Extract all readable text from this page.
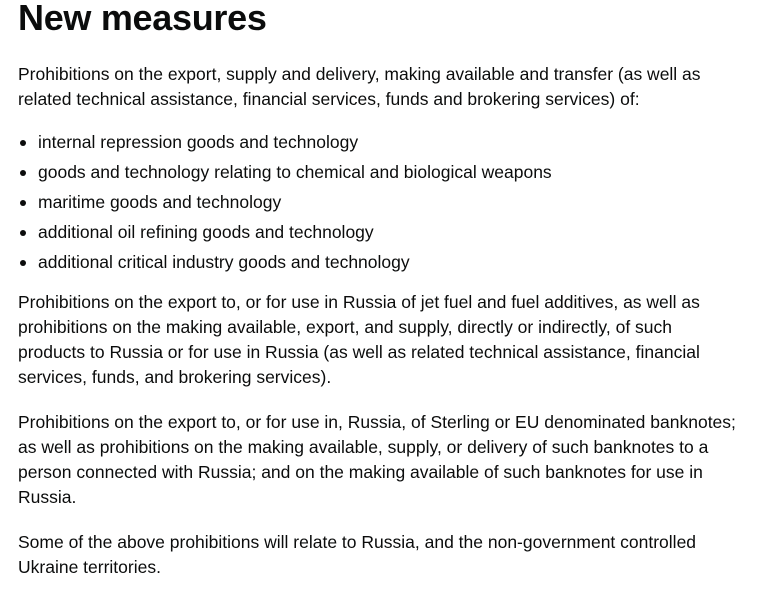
New measures

Prohibitions on the export, supply and delivery, making available and transfer (as well as related technical assistance, financial services, funds and brokering services) of:

internal repression goods and technology
goods and technology relating to chemical and biological weapons
maritime goods and technology
additional oil refining goods and technology
additional critical industry goods and technology

Prohibitions on the export to, or for use in Russia of jet fuel and fuel additives, as well as prohibitions on the making available, export, and supply, directly or indirectly, of such products to Russia or for use in Russia (as well as related technical assistance, financial services, funds, and brokering services).

Prohibitions on the export to, or for use in, Russia, of Sterling or EU denominated banknotes; as well as prohibitions on the making available, supply, or delivery of such banknotes to a person connected with Russia; and on the making available of such banknotes for use in Russia.

Some of the above prohibitions will relate to Russia, and the non-government controlled Ukraine territories.
